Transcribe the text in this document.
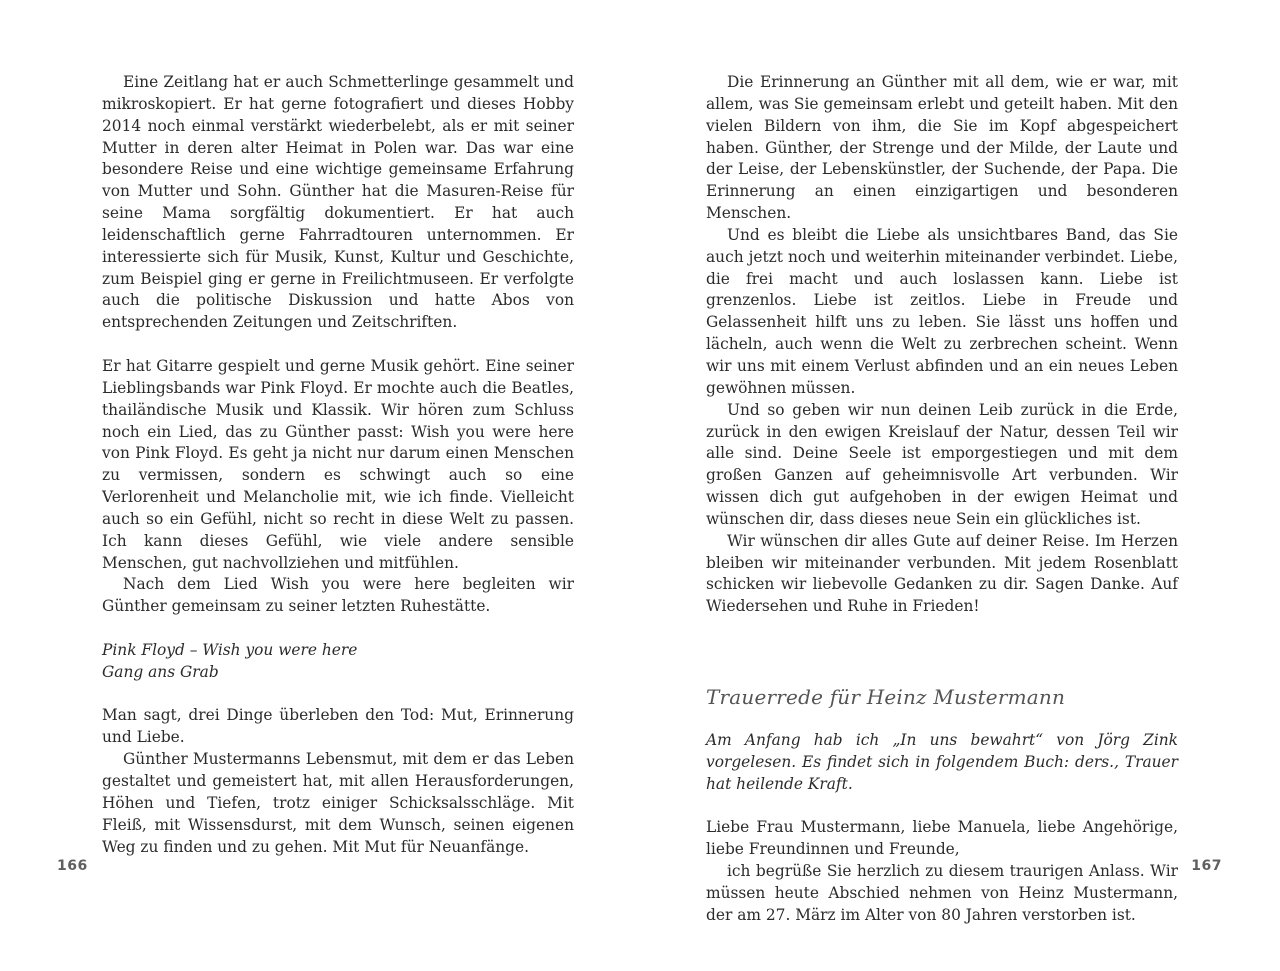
Eine Zeitlang hat er auch Schmetterlinge gesammelt und mikroskopiert. Er hat gerne fotografiert und dieses Hobby 2014 noch einmal verstärkt wiederbelebt, als er mit seiner Mutter in deren alter Heimat in Polen war. Das war eine besondere Reise und eine wichtige gemeinsame Erfahrung von Mutter und Sohn. Günther hat die Masuren-Reise für seine Mama sorgfältig dokumentiert. Er hat auch leidenschaftlich gerne Fahrradtouren unternommen. Er interessierte sich für Musik, Kunst, Kultur und Geschichte, zum Beispiel ging er gerne in Freilichtmuseen. Er verfolgte auch die politische Diskussion und hatte Abos von entsprechenden Zeitungen und Zeitschriften.

Er hat Gitarre gespielt und gerne Musik gehört. Eine seiner Lieblingsbands war Pink Floyd. Er mochte auch die Beatles, thailändische Musik und Klassik. Wir hören zum Schluss noch ein Lied, das zu Günther passt: Wish you were here von Pink Floyd. Es geht ja nicht nur darum einen Menschen zu vermissen, sondern es schwingt auch so eine Verlorenheit und Melancholie mit, wie ich finde. Vielleicht auch so ein Gefühl, nicht so recht in diese Welt zu passen. Ich kann dieses Gefühl, wie viele andere sensible Menschen, gut nachvollziehen und mitfühlen.

Nach dem Lied Wish you were here begleiten wir Günther gemeinsam zu seiner letzten Ruhestätte.

Pink Floyd – Wish you were here

Gang ans Grab

Man sagt, drei Dinge überleben den Tod: Mut, Erinnerung und Liebe.

Günther Mustermanns Lebensmut, mit dem er das Leben gestaltet und gemeistert hat, mit allen Herausforderungen, Höhen und Tiefen, trotz einiger Schicksalsschläge. Mit Fleiß, mit Wissensdurst, mit dem Wunsch, seinen eigenen Weg zu finden und zu gehen. Mit Mut für Neuanfänge.

166

Die Erinnerung an Günther mit all dem, wie er war, mit allem, was Sie gemeinsam erlebt und geteilt haben. Mit den vielen Bildern von ihm, die Sie im Kopf abgespeichert haben. Günther, der Strenge und der Milde, der Laute und der Leise, der Lebenskünstler, der Suchende, der Papa. Die Erinnerung an einen einzigartigen und besonderen Menschen.

Und es bleibt die Liebe als unsichtbares Band, das Sie auch jetzt noch und weiterhin miteinander verbindet. Liebe, die frei macht und auch loslassen kann. Liebe ist grenzenlos. Liebe ist zeitlos. Liebe in Freude und Gelassenheit hilft uns zu leben. Sie lässt uns hoffen und lächeln, auch wenn die Welt zu zerbrechen scheint. Wenn wir uns mit einem Verlust abfinden und an ein neues Leben gewöhnen müssen.

Und so geben wir nun deinen Leib zurück in die Erde, zurück in den ewigen Kreislauf der Natur, dessen Teil wir alle sind. Deine Seele ist emporgestiegen und mit dem großen Ganzen auf geheimnisvolle Art verbunden. Wir wissen dich gut aufgehoben in der ewigen Heimat und wünschen dir, dass dieses neue Sein ein glückliches ist.

Wir wünschen dir alles Gute auf deiner Reise. Im Herzen bleiben wir miteinander verbunden. Mit jedem Rosenblatt schicken wir liebevolle Gedanken zu dir. Sagen Danke. Auf Wiedersehen und Ruhe in Frieden!

Trauerrede für Heinz Mustermann

Am Anfang hab ich „In uns bewahrt“ von Jörg Zink vorgelesen. Es findet sich in folgendem Buch: ders., Trauer hat heilende Kraft.

Liebe Frau Mustermann, liebe Manuela, liebe Angehörige, liebe Freundinnen und Freunde,

ich begrüße Sie herzlich zu diesem traurigen Anlass. Wir müssen heute Abschied nehmen von Heinz Mustermann, der am 27. März im Alter von 80 Jahren verstorben ist.

167
